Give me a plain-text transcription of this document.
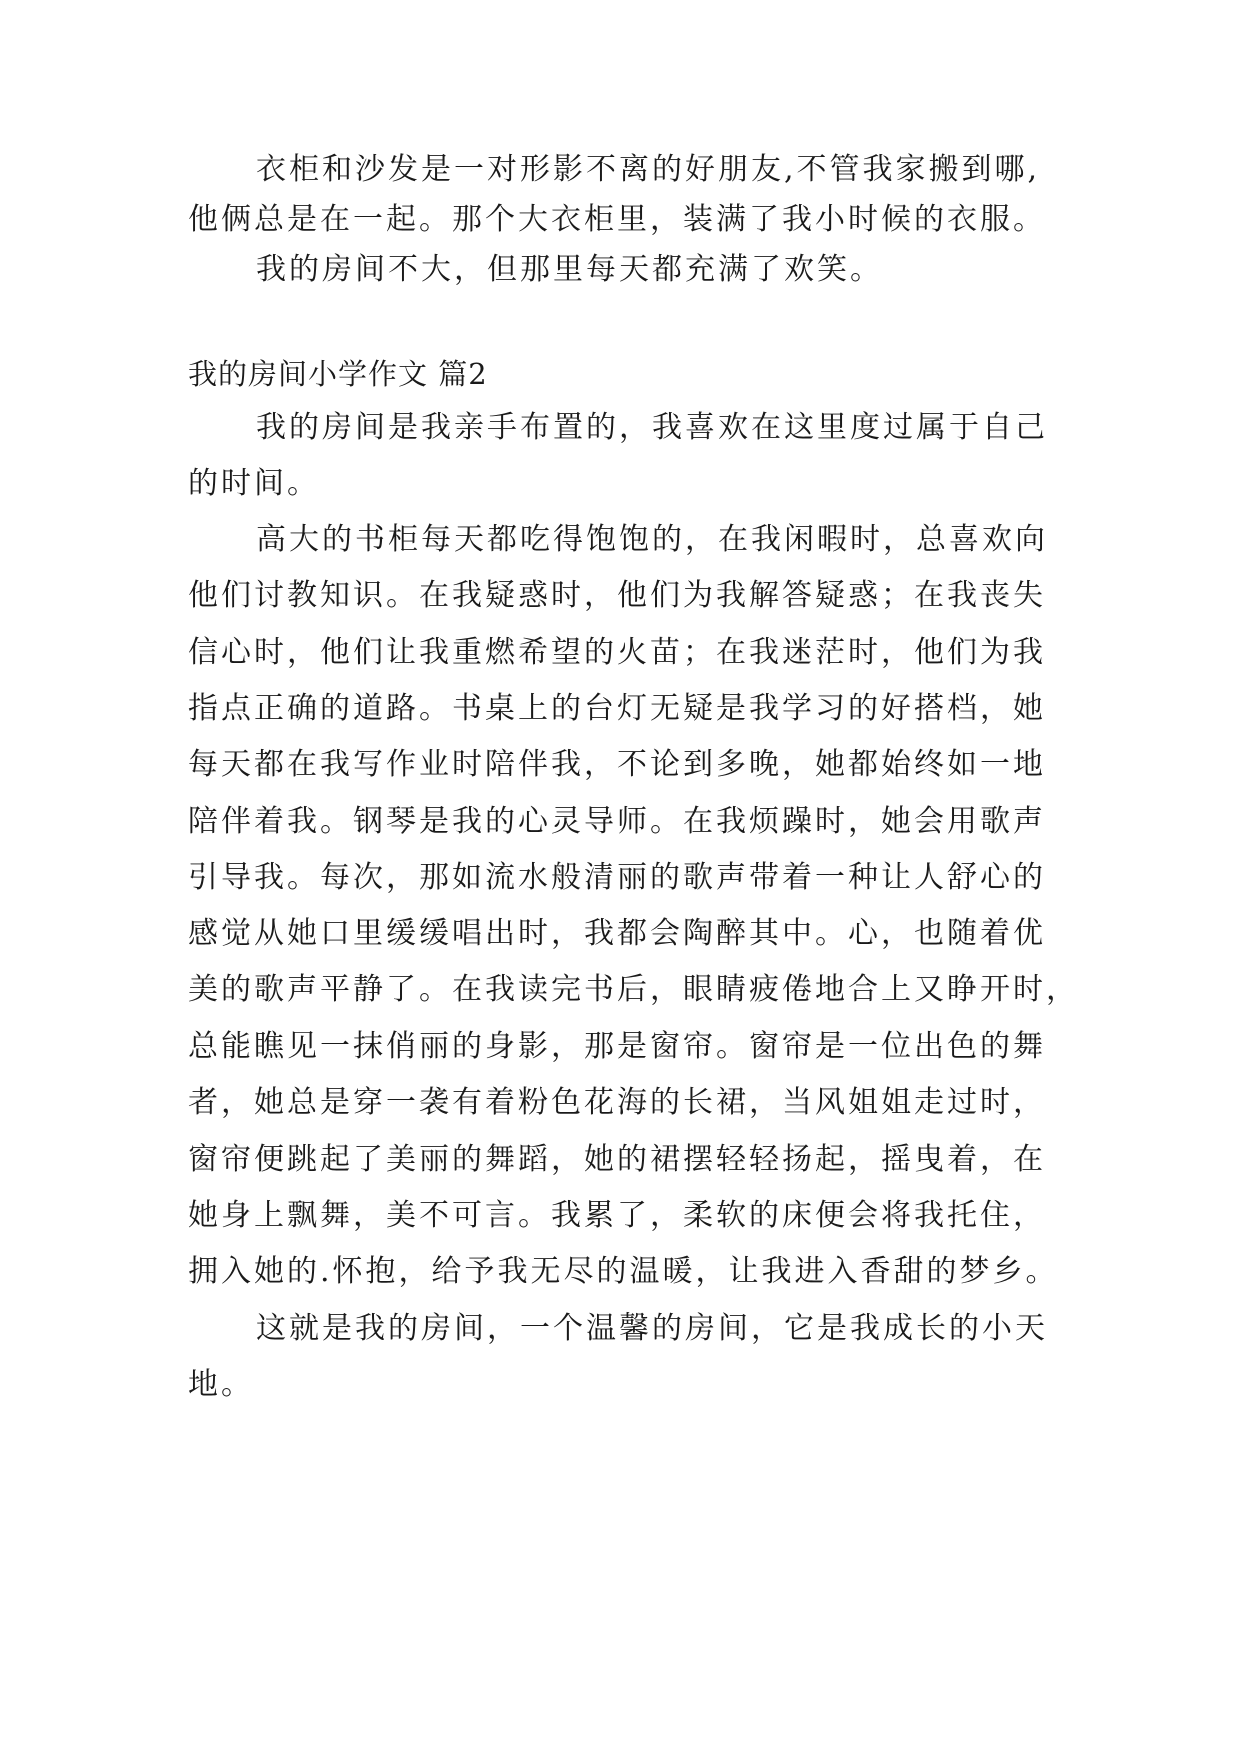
衣柜和沙发是一对形影不离的好朋友,不管我家搬到哪,
他俩总是在一起。那个大衣柜里，装满了我小时候的衣服。
我的房间不大，但那里每天都充满了欢笑。
我的房间小学作文 篇2
我的房间是我亲手布置的，我喜欢在这里度过属于自己
的时间。
高大的书柜每天都吃得饱饱的，在我闲暇时，总喜欢向
他们讨教知识。在我疑惑时，他们为我解答疑惑；在我丧失
信心时，他们让我重燃希望的火苗；在我迷茫时，他们为我
指点正确的道路。书桌上的台灯无疑是我学习的好搭档，她
每天都在我写作业时陪伴我，不论到多晚，她都始终如一地
陪伴着我。钢琴是我的心灵导师。在我烦躁时，她会用歌声
引导我。每次，那如流水般清丽的歌声带着一种让人舒心的
感觉从她口里缓缓唱出时，我都会陶醉其中。心，也随着优
美的歌声平静了。在我读完书后，眼睛疲倦地合上又睁开时，
总能瞧见一抹俏丽的身影，那是窗帘。窗帘是一位出色的舞
者，她总是穿一袭有着粉色花海的长裙，当风姐姐走过时，
窗帘便跳起了美丽的舞蹈，她的裙摆轻轻扬起，摇曳着，在
她身上飘舞，美不可言。我累了，柔软的床便会将我托住，
拥入她的.怀抱，给予我无尽的温暖，让我进入香甜的梦乡。
这就是我的房间，一个温馨的房间，它是我成长的小天
地。
